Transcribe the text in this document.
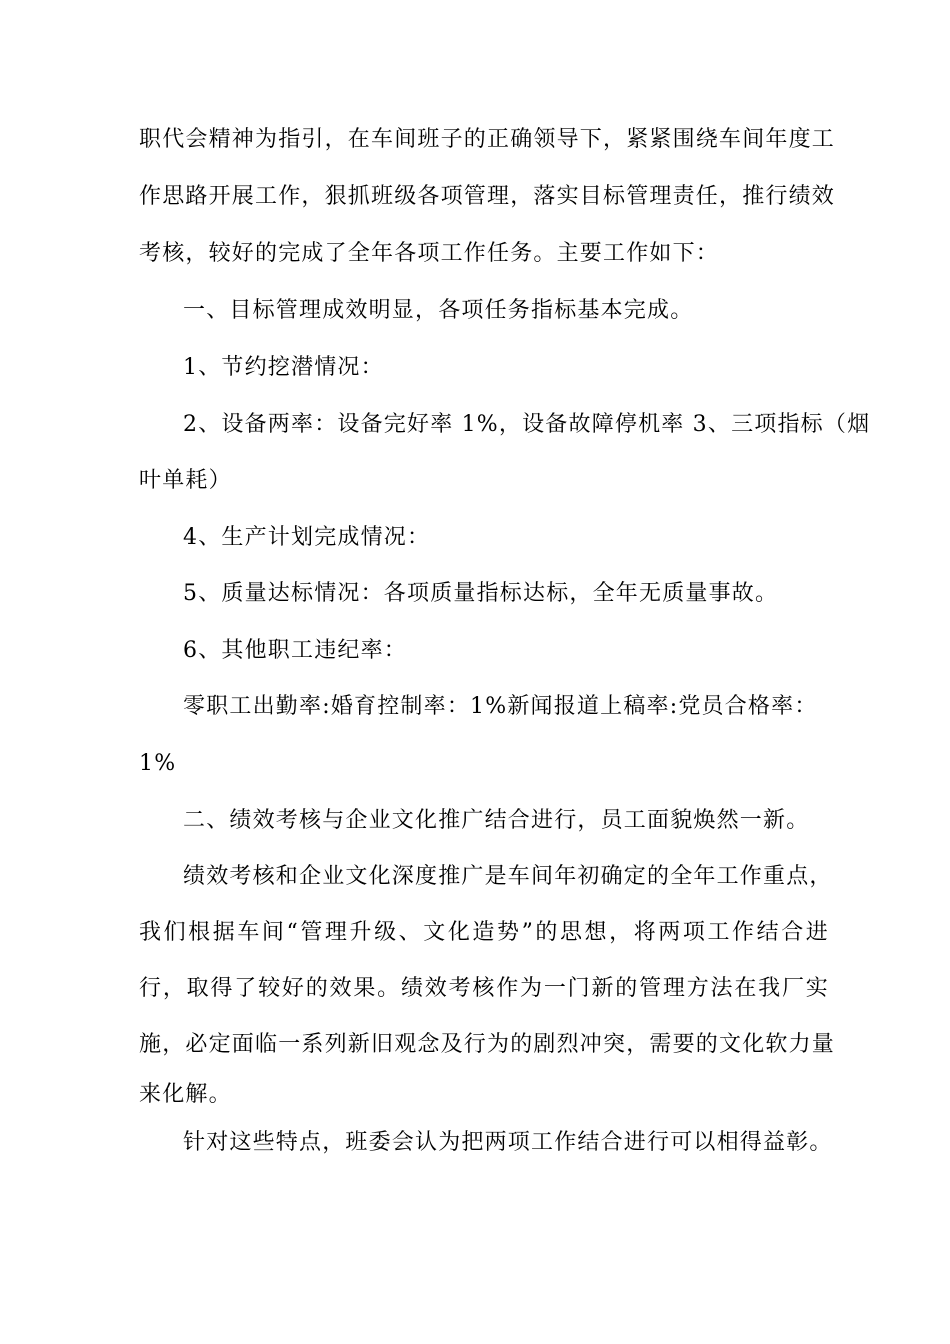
职代会精神为指引，在车间班子的正确领导下，紧紧围绕车间年度工
作思路开展工作，狠抓班级各项管理，落实目标管理责任，推行绩效
考核，较好的完成了全年各项工作任务。主要工作如下：
一、目标管理成效明显，各项任务指标基本完成。
1、节约挖潜情况：
2、设备两率：设备完好率 1%，设备故障停机率 3、三项指标（烟
叶单耗）
4、生产计划完成情况：
5、质量达标情况：各项质量指标达标，全年无质量事故。
6、其他职工违纪率：
零职工出勤率:婚育控制率：1%新闻报道上稿率:党员合格率：
1%
二、绩效考核与企业文化推广结合进行，员工面貌焕然一新。
绩效考核和企业文化深度推广是车间年初确定的全年工作重点，
我们根据车间“管理升级、文化造势”的思想，将两项工作结合进
行，取得了较好的效果。绩效考核作为一门新的管理方法在我厂实
施，必定面临一系列新旧观念及行为的剧烈冲突，需要的文化软力量
来化解。
针对这些特点，班委会认为把两项工作结合进行可以相得益彰。
